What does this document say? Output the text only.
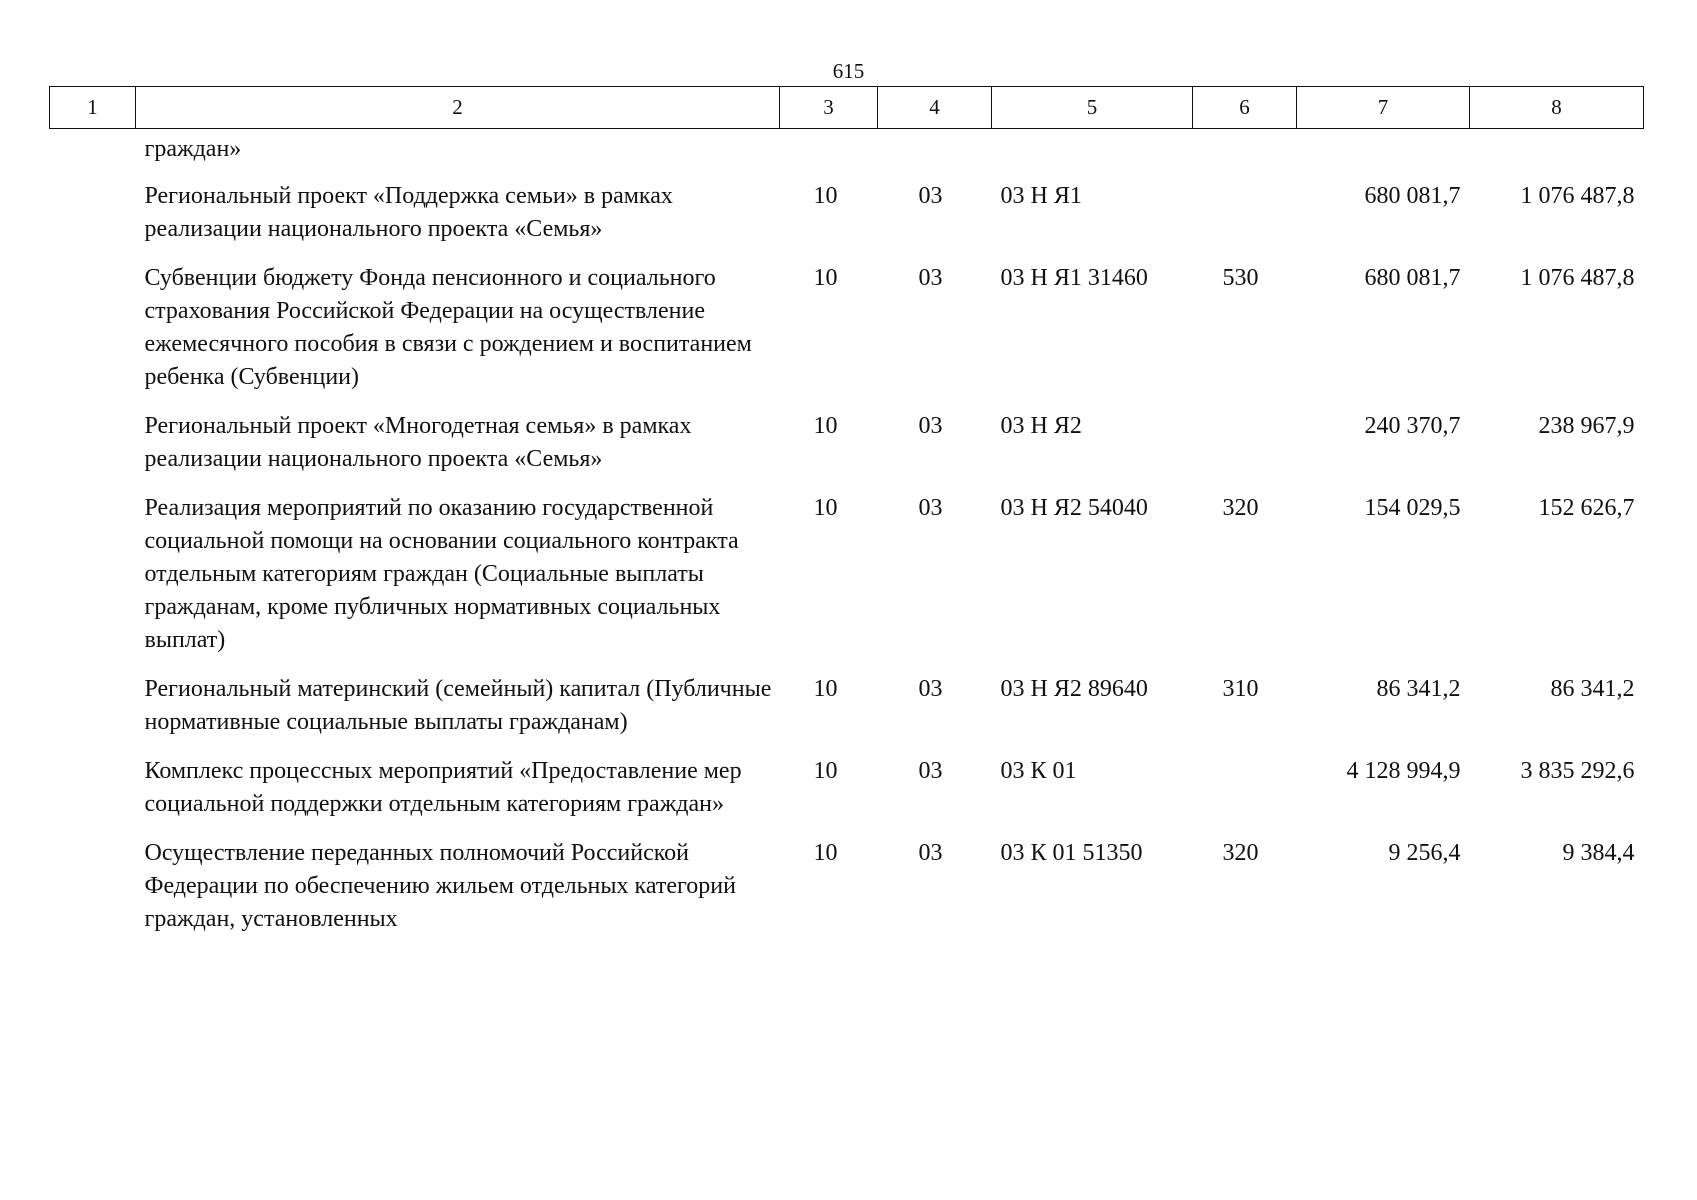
615
1	2	3	4	5	6	7	8
	граждан»						
	Региональный проект «Поддержка семьи» в рамках реализации национального проекта «Семья»	10	03	03 Н Я1		680 081,7	1 076 487,8
	Субвенции бюджету Фонда пенсионного и социального страхования Российской Федерации на осуществление ежемесячного пособия в связи с рождением и воспитанием ребенка (Субвенции)	10	03	03 Н Я1 31460	530	680 081,7	1 076 487,8
	Региональный проект «Многодетная семья» в рамках реализации национального проекта «Семья»	10	03	03 Н Я2		240 370,7	238 967,9
	Реализация мероприятий по оказанию государственной социальной помощи на основании социального контракта отдельным категориям граждан (Социальные выплаты гражданам, кроме публичных нормативных социальных выплат)	10	03	03 Н Я2 54040	320	154 029,5	152 626,7
	Региональный материнский (семейный) капитал (Публичные нормативные социальные выплаты гражданам)	10	03	03 Н Я2 89640	310	86 341,2	86 341,2
	Комплекс процессных мероприятий «Предоставление мер социальной поддержки отдельным категориям граждан»	10	03	03 К 01		4 128 994,9	3 835 292,6
	Осуществление переданных полномочий Российской Федерации по обеспечению жильем отдельных категорий граждан, установленных	10	03	03 К 01 51350	320	9 256,4	9 384,4
